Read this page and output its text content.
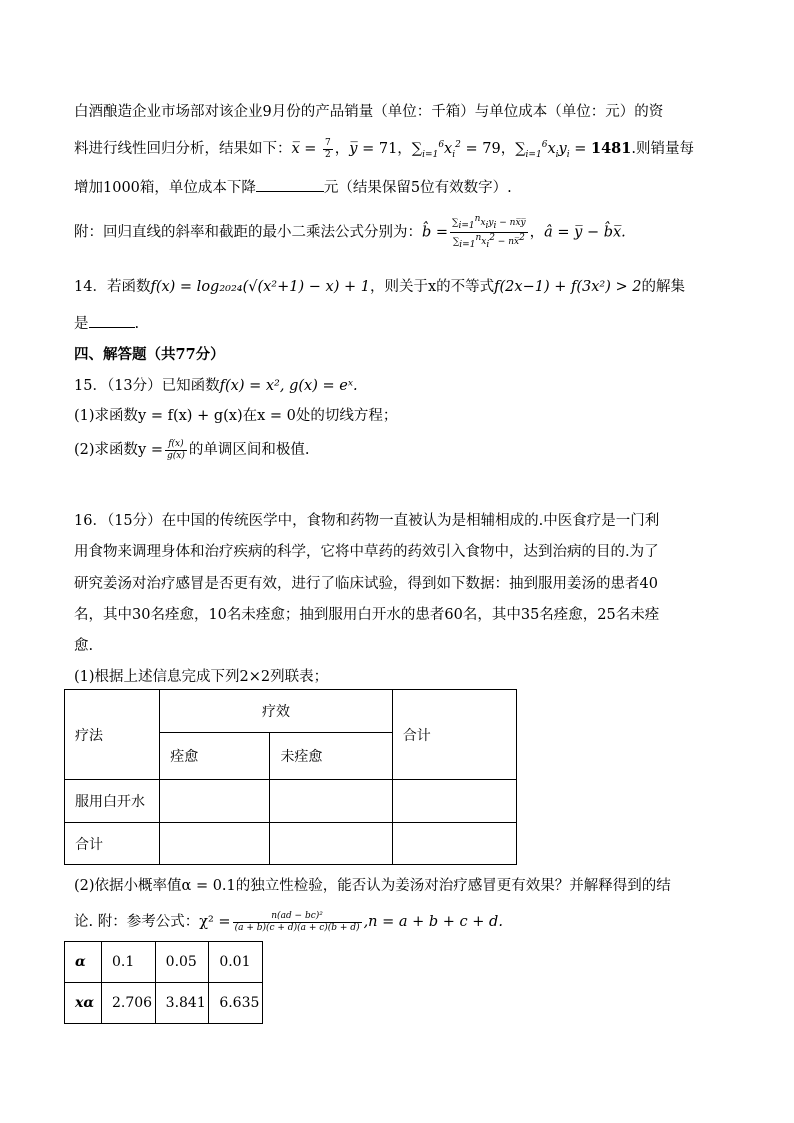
白酒酿造企业市场部对该企业9月份的产品销量（单位：千箱）与单位成本（单位：元）的资
料进行线性回归分析，结果如下：x̅ = $\frac{7}{2}$ ，y̅ = 71，$\sum_{i=1}^6x_i^2 = 79$，$\sum_{i=1}^6x_iy_i = 1481$.则销量每
增加1000箱，单位成本下降	元（结果保留5位有效数字）.
附：回归直线的斜率和截距的最小二乘法公式分别为：b̂ = $\frac{\sum_{i=1}^nx_iy_i - nx̅y̅}{\sum_{i=1}^nx_i^2 - nx̅^2}$ ，â = y̅ − b̂x̅.
14．若函数f(x) = log₂₀₂₄(√(x²+1) − x) + 1，则关于x的不等式f(2x−1) + f(3x²) > 2的解集
是	.
四、解答题（共77分）
15．（13分）已知函数f(x) = x², g(x) = eˣ.
(1)求函数y = f(x) + g(x)在x = 0处的切线方程；
(2)求函数$y = \frac{f(x)}{g(x)}$ 的单调区间和极值.
16．（15分）在中国的传统医学中，食物和药物一直被认为是相辅相成的.中医食疗是一门利
用食物来调理身体和治疗疾病的科学，它将中草药的药效引入食物中，达到治病的目的.为了
研究姜汤对治疗感冒是否更有效，进行了临床试验，得到如下数据：抽到服用姜汤的患者40
名，其中30名痊愈，10名未痊愈；抽到服用白开水的患者60名，其中35名痊愈，25名未痊
愈.
(1)根据上述信息完成下列2×2列联表；
疗法	疗效		合计
	痊愈	未痊愈	
服用白开水			
合计			
(2)依据小概率值α = 0.1的独立性检验，能否认为姜汤对治疗感冒更有效果？并解释得到的结
论. 附：参考公式：$\chi^2 = \frac{\text{n(ad − bc)²}}{(a + b)(c + d)(a + c)(b + d)} ,n = a + b + c + d$.
α	0.1	0.05	0.01
xα	2.706	3.841	6.635
